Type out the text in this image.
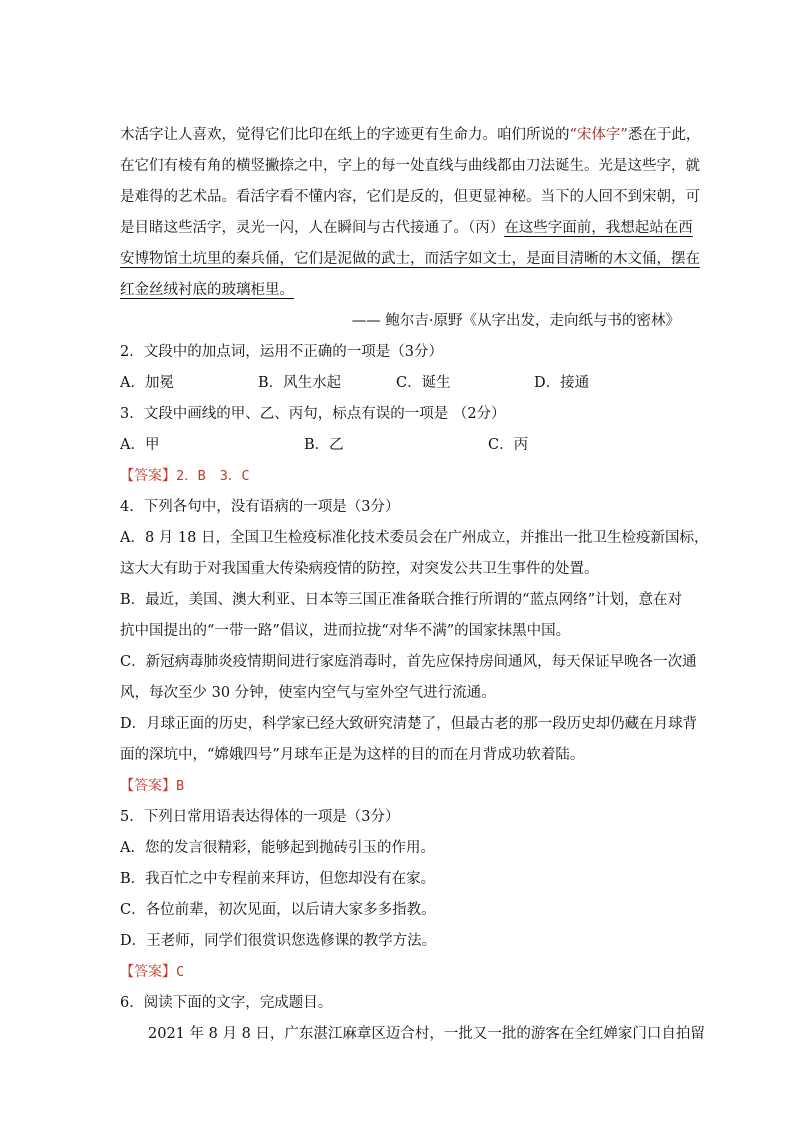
木活字让人喜欢，觉得它们比印在纸上的字迹更有生命力。咱们所说的“宋体字”悉在于此，
在它们有棱有角的横竖撇捺之中，字上的每一处直线与曲线都由刀法诞生。光是这些字，就
是难得的艺术品。看活字看不懂内容，它们是反的，但更显神秘。当下的人回不到宋朝，可
是目睹这些活字，灵光一闪，人在瞬间与古代接通了。（丙）在这些字面前，我想起站在西
安博物馆土坑里的秦兵俑，它们是泥做的武士，而活字如文士，是面目清晰的木文俑，摆在
红金丝绒衬底的玻璃柜里。
—— 鲍尔吉·原野《从字出发，走向纸与书的密林》
2．文段中的加点词，运用不正确的一项是（3分）
A．加冕	B．风生水起	C．诞生	D．接通
3．文段中画线的甲、乙、丙句，标点有误的一项是 （2分）
A．甲	B．乙	C．丙
【答案】2．B 3．C
4．下列各句中，没有语病的一项是（3分）
A．8 月 18 日，全国卫生检疫标准化技术委员会在广州成立，并推出一批卫生检疫新国标，
这大大有助于对我国重大传染病疫情的防控，对突发公共卫生事件的处置。
B．最近，美国、澳大利亚、日本等三国正准备联合推行所谓的“蓝点网络”计划，意在对
抗中国提出的“一带一路”倡议，进而拉拢“对华不满”的国家抹黑中国。
C．新冠病毒肺炎疫情期间进行家庭消毒时，首先应保持房间通风，每天保证早晚各一次通
风，每次至少 30 分钟，使室内空气与室外空气进行流通。
D．月球正面的历史，科学家已经大致研究清楚了，但最古老的那一段历史却仍藏在月球背
面的深坑中，“嫦娥四号”月球车正是为这样的目的而在月背成功软着陆。
【答案】B
5．下列日常用语表达得体的一项是（3分）
A．您的发言很精彩，能够起到抛砖引玉的作用。
B．我百忙之中专程前来拜访，但您却没有在家。
C．各位前辈，初次见面，以后请大家多多指教。
D．王老师，同学们很赏识您选修课的教学方法。
【答案】C
6．阅读下面的文字，完成题目。
2021 年 8 月 8 日，广东湛江麻章区迈合村，一批又一批的游客在全红婵家门口自拍留
